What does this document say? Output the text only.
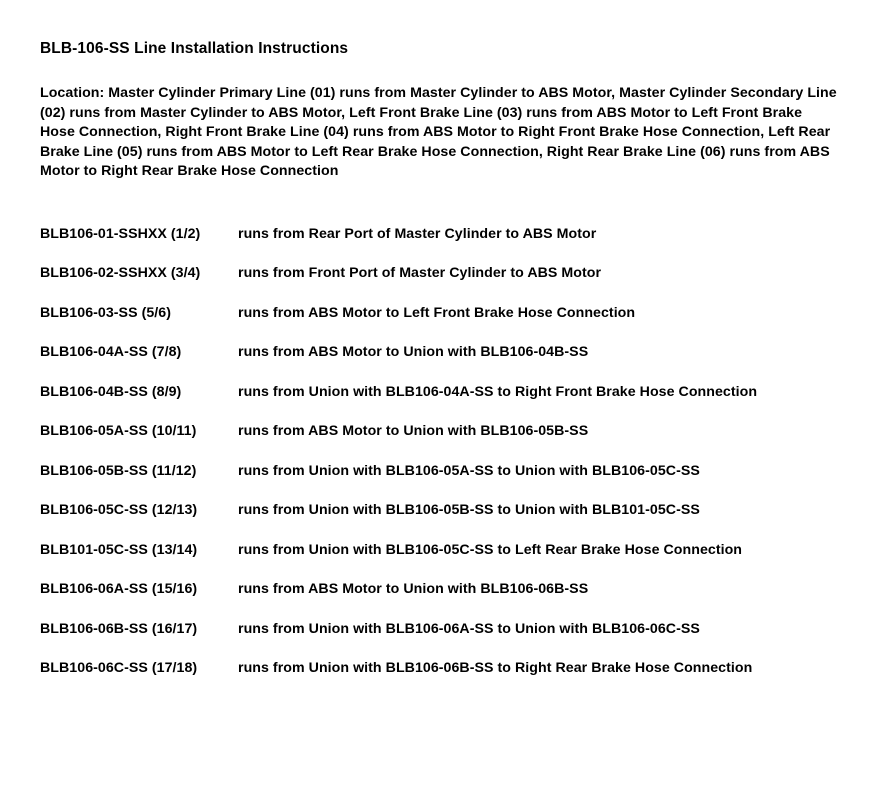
BLB-106-SS Line Installation Instructions

Location: Master Cylinder Primary Line (01) runs from Master Cylinder to ABS Motor, Master Cylinder Secondary Line (02) runs from Master Cylinder to ABS Motor, Left Front Brake Line (03) runs from ABS Motor to Left Front Brake Hose Connection, Right Front Brake Line (04) runs from ABS Motor to Right Front Brake Hose Connection, Left Rear Brake Line (05) runs from ABS Motor to Left Rear Brake Hose Connection, Right Rear Brake Line (06) runs from ABS Motor to Right Rear Brake Hose Connection

BLB106-01-SSHXX (1/2)	runs from Rear Port of Master Cylinder to ABS Motor
BLB106-02-SSHXX (3/4)	runs from Front Port of Master Cylinder to ABS Motor
BLB106-03-SS (5/6)	runs from ABS Motor to Left Front Brake Hose Connection
BLB106-04A-SS (7/8)	runs from ABS Motor to Union with BLB106-04B-SS
BLB106-04B-SS (8/9)	runs from Union with BLB106-04A-SS to Right Front Brake Hose Connection
BLB106-05A-SS (10/11)	runs from ABS Motor to Union with BLB106-05B-SS
BLB106-05B-SS (11/12)	runs from Union with BLB106-05A-SS to Union with BLB106-05C-SS
BLB106-05C-SS (12/13)	runs from Union with BLB106-05B-SS to Union with BLB101-05C-SS
BLB101-05C-SS (13/14)	runs from Union with BLB106-05C-SS to Left Rear Brake Hose Connection
BLB106-06A-SS (15/16)	runs from ABS Motor to Union with BLB106-06B-SS
BLB106-06B-SS (16/17)	runs from Union with BLB106-06A-SS to Union with BLB106-06C-SS
BLB106-06C-SS (17/18)	runs from Union with BLB106-06B-SS to Right Rear Brake Hose Connection
